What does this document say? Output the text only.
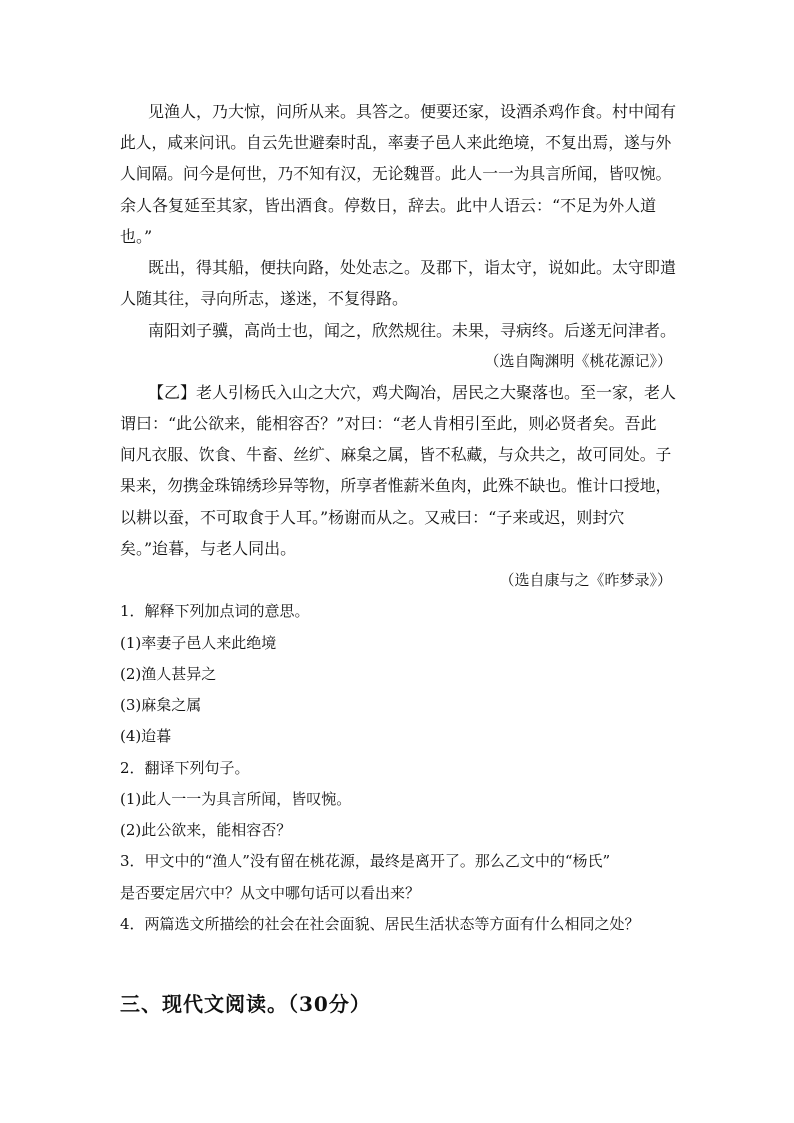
见渔人，乃大惊，问所从来。具答之。便要还家，设酒杀鸡作食。村中闻有
此人，咸来问讯。自云先世避秦时乱，率妻子邑人来此绝境，不复出焉，遂与外
人间隔。问今是何世，乃不知有汉，无论魏晋。此人一一为具言所闻，皆叹惋。
余人各复延至其家，皆出酒食。停数日，辞去。此中人语云：“不足为外人道
也。”
既出，得其船，便扶向路，处处志之。及郡下，诣太守，说如此。太守即遣
人随其往，寻向所志，遂迷，不复得路。
南阳刘子骥，高尚士也，闻之，欣然规往。未果，寻病终。后遂无问津者。
（选自陶渊明《桃花源记》）
【乙】老人引杨氏入山之大穴，鸡犬陶冶，居民之大聚落也。至一家，老人
谓曰：“此公欲来，能相容否？”对曰：“老人肯相引至此，则必贤者矣。吾此
间凡衣服、饮食、牛畜、丝纩、麻枲之属，皆不私藏，与众共之，故可同处。子
果来，勿携金珠锦绣珍异等物，所享者惟薪米鱼肉，此殊不缺也。惟计口授地，
以耕以蚕，不可取食于人耳。”杨谢而从之。又戒曰：“子来或迟，则封穴
矣。”迨暮，与老人同出。
（选自康与之《昨梦录》）
1．解释下列加点词的意思。
(1)率妻子邑人来此绝境
(2)渔人甚异之
(3)麻枲之属
(4)迨暮
2．翻译下列句子。
(1)此人一一为具言所闻，皆叹惋。
(2)此公欲来，能相容否？
3．甲文中的“渔人”没有留在桃花源，最终是离开了。那么乙文中的“杨氏”
是否要定居穴中？从文中哪句话可以看出来？
4．两篇选文所描绘的社会在社会面貌、居民生活状态等方面有什么相同之处？
三、现代文阅读。（30分）
